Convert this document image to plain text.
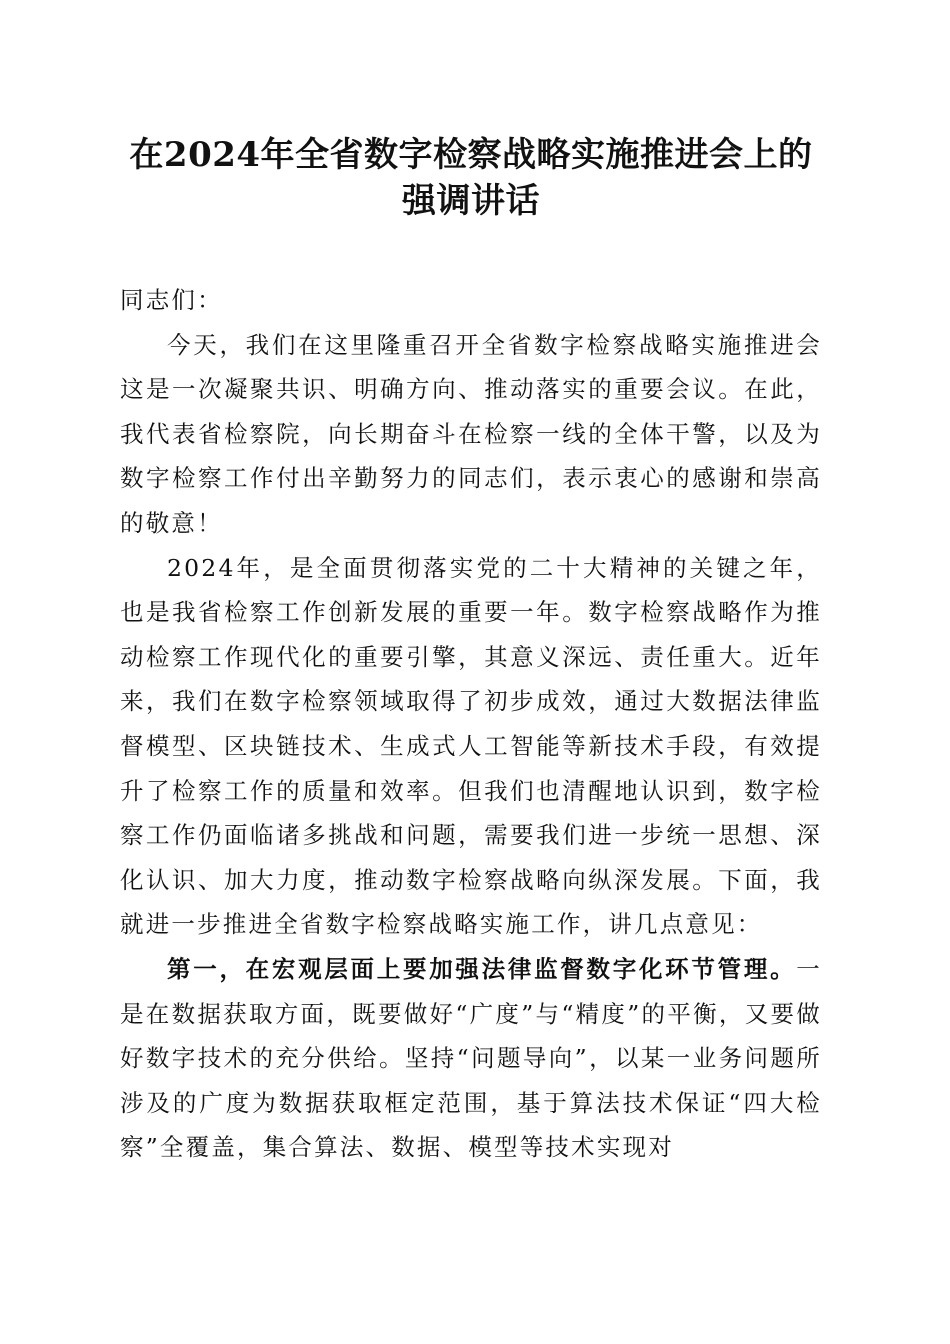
在2024年全省数字检察战略实施推进会上的
强调讲话

同志们：

今天，我们在这里隆重召开全省数字检察战略实施推进会这是一次凝聚共识、明确方向、推动落实的重要会议。在此，我代表省检察院，向长期奋斗在检察一线的全体干警，以及为数字检察工作付出辛勤努力的同志们，表示衷心的感谢和崇高的敬意！

2024年，是全面贯彻落实党的二十大精神的关键之年，也是我省检察工作创新发展的重要一年。数字检察战略作为推动检察工作现代化的重要引擎，其意义深远、责任重大。近年来，我们在数字检察领域取得了初步成效，通过大数据法律监督模型、区块链技术、生成式人工智能等新技术手段，有效提升了检察工作的质量和效率。但我们也清醒地认识到，数字检察工作仍面临诸多挑战和问题，需要我们进一步统一思想、深化认识、加大力度，推动数字检察战略向纵深发展。下面，我就进一步推进全省数字检察战略实施工作，讲几点意见：

第一，在宏观层面上要加强法律监督数字化环节管理。一是在数据获取方面，既要做好“广度”与“精度”的平衡，又要做好数字技术的充分供给。坚持“问题导向”，以某一业务问题所涉及的广度为数据获取框定范围，基于算法技术保证“四大检察”全覆盖，集合算法、数据、模型等技术实现对
